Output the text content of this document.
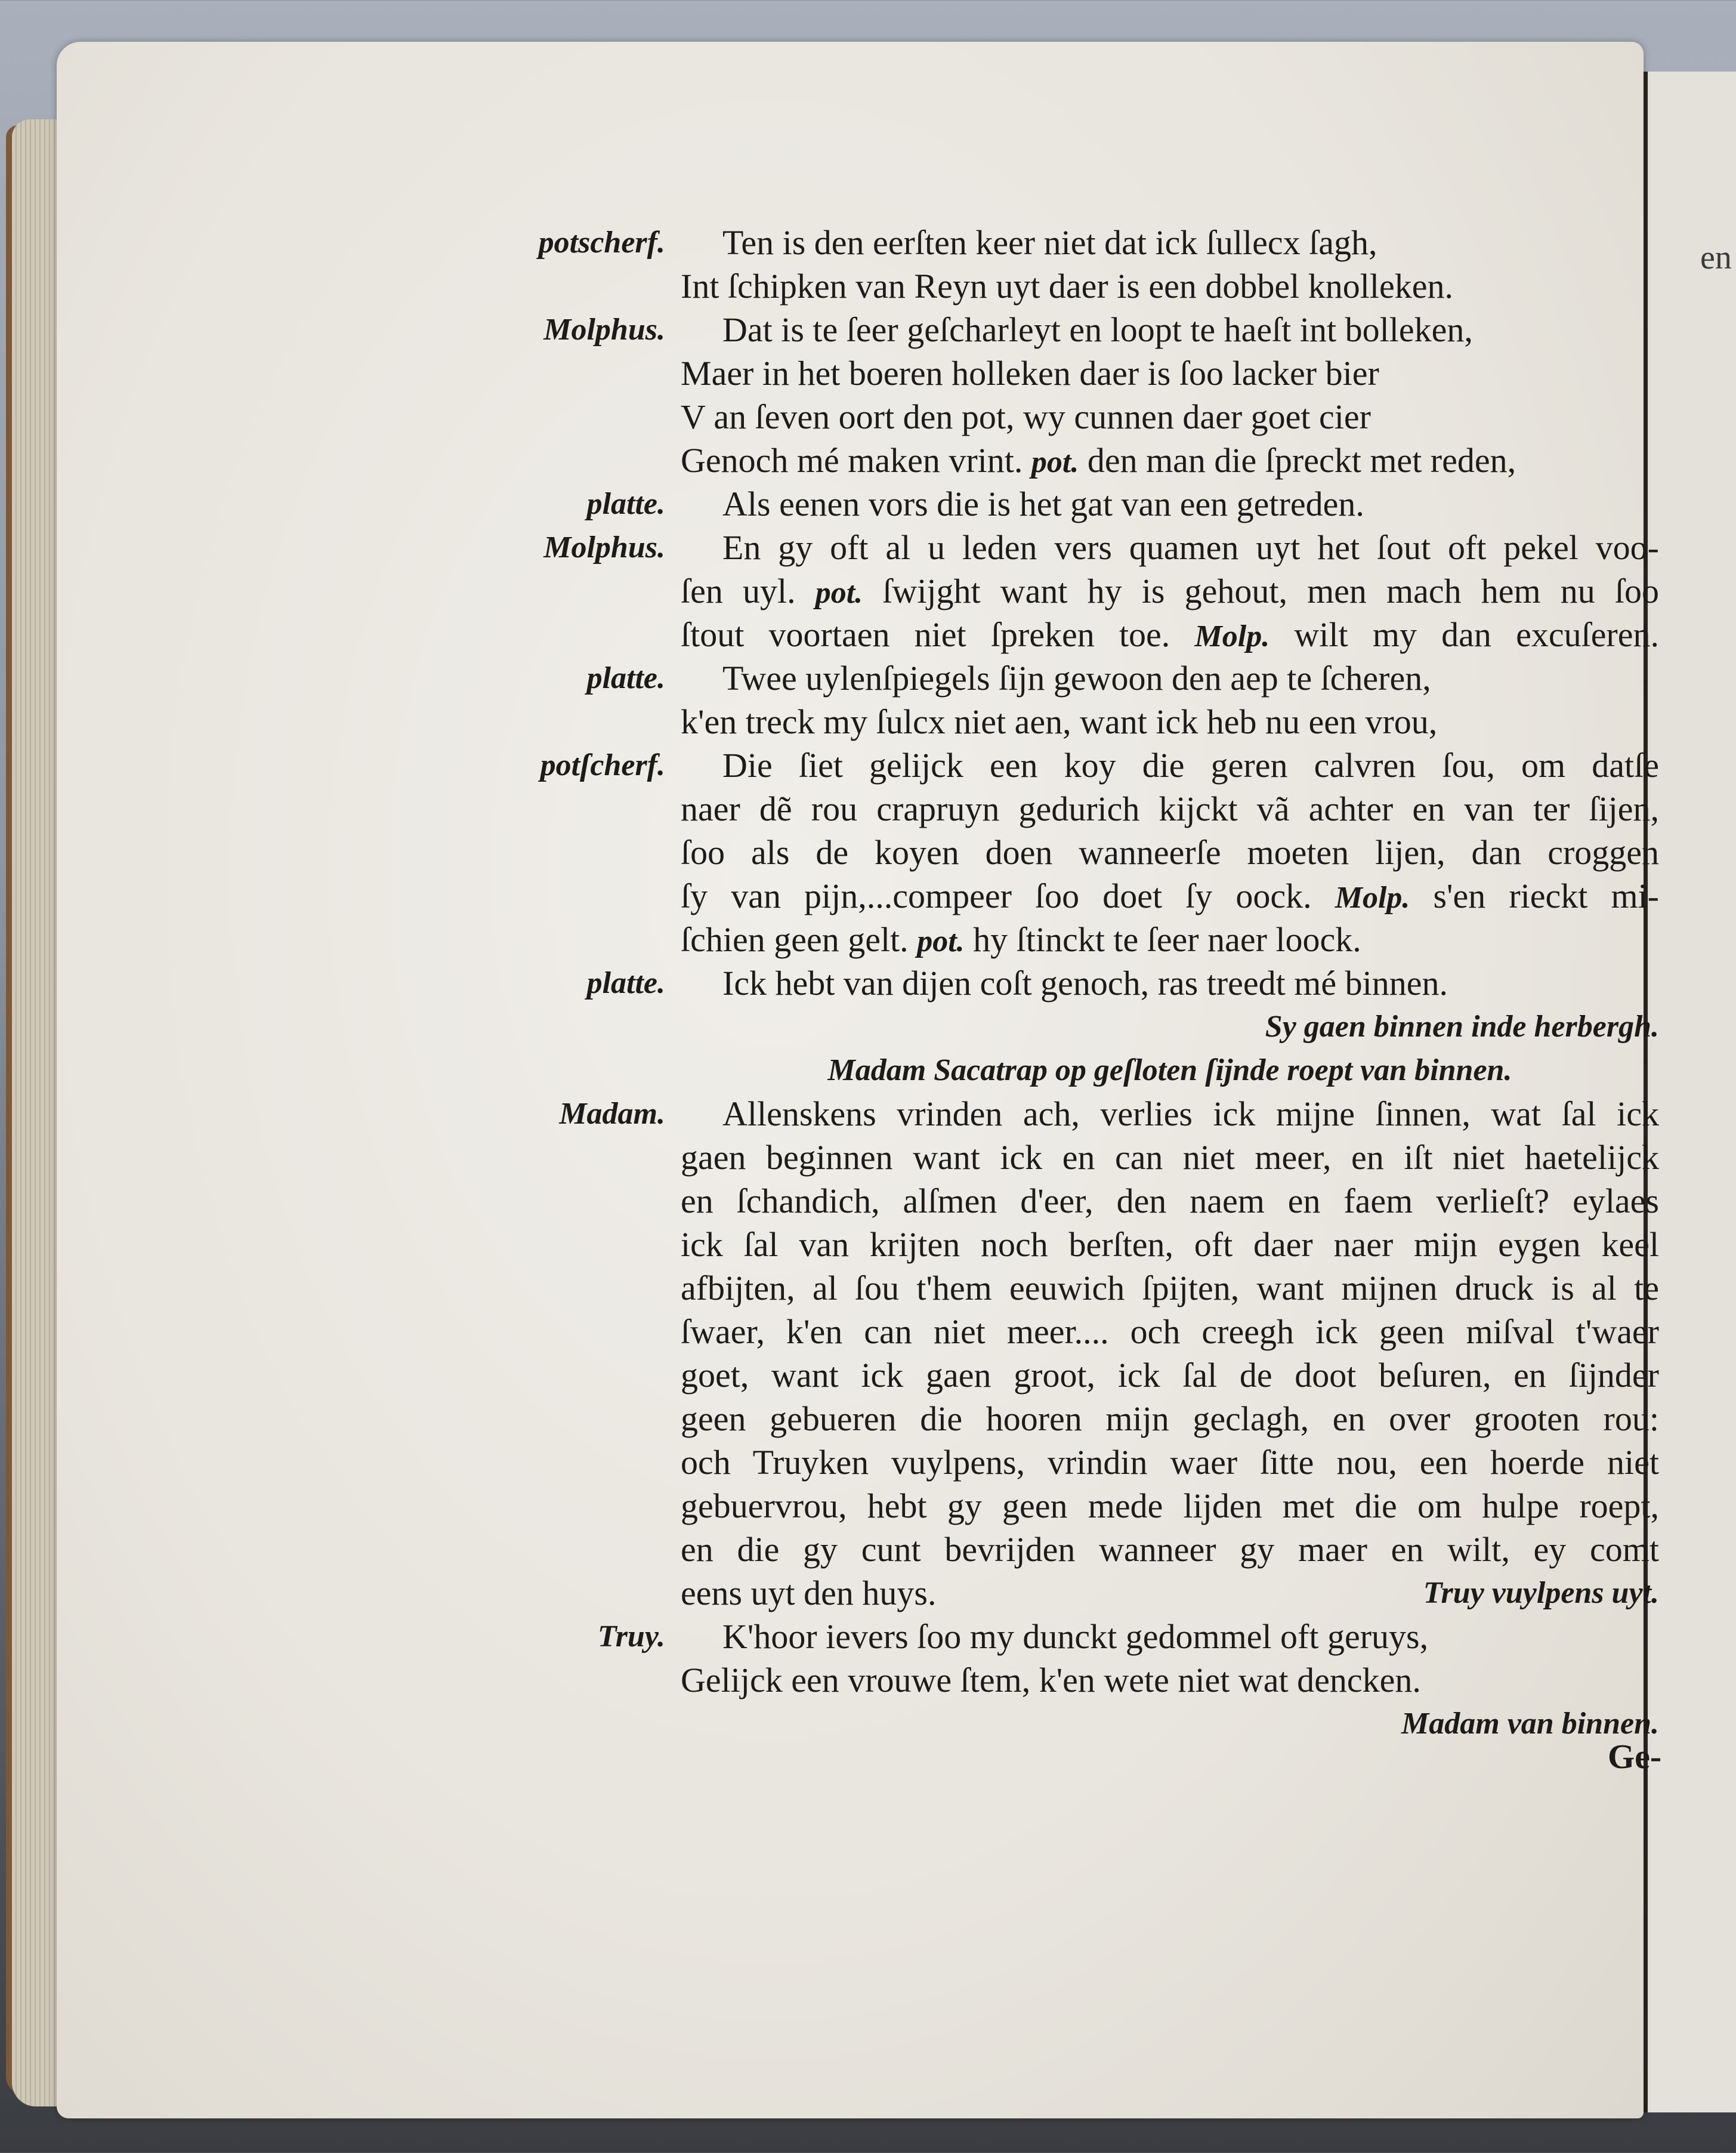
en
potscherf.	Ten is den eerſten keer niet dat ick ſullecx ſagh,
Int ſchipken van Reyn uyt daer is een dobbel knolleken.
Molphus.	Dat is te ſeer geſcharleyt en loopt te haeſt int bolleken,
Maer in het boeren holleken daer is ſoo lacker bier
V an ſeven oort den pot, wy cunnen daer goet cier
Genoch mé maken vrint. pot. den man die ſpreckt met reden,
platte.	Als eenen vors die is het gat van een getreden.
Molphus.	En gy oft al u leden vers quamen uyt het ſout oft pekel voo-
ſen uyl. pot. ſwijght want hy is gehout, men mach hem nu ſoo
ſtout voortaen niet ſpreken toe. Molp. wilt my dan excuſeren.
platte.	Twee uylenſpiegels ſijn gewoon den aep te ſcheren,
k'en treck my ſulcx niet aen, want ick heb nu een vrou,
potſcherf.	Die ſiet gelijck een koy die geren calvren ſou, om datſe
naer dẽ rou crapruyn gedurich kijckt vã achter en van ter ſijen,
ſoo als de koyen doen wanneerſe moeten lijen, dan croggen
ſy van pijn,...compeer ſoo doet ſy oock. Molp. s'en rieckt mi-
ſchien geen gelt. pot. hy ſtinckt te ſeer naer loock.
platte.	Ick hebt van dijen coſt genoch, ras treedt mé binnen.
Sy gaen binnen inde herbergh.
Madam Sacatrap op geſloten ſijnde roept van binnen.
Madam.	Allenskens vrinden ach, verlies ick mijne ſinnen, wat ſal ick
gaen beginnen want ick en can niet meer, en iſt niet haetelijck
en ſchandich, alſmen d'eer, den naem en faem verlieſt? eylaes
ick ſal van krijten noch berſten, oft daer naer mijn eygen keel
afbijten, al ſou t'hem eeuwich ſpijten, want mijnen druck is al te
ſwaer, k'en can niet meer.... och creegh ick geen miſval t'waer
goet, want ick gaen groot, ick ſal de doot beſuren, en ſijnder
geen gebueren die hooren mijn geclagh, en over grooten rou:
och Truyken vuylpens, vrindin waer ſitte nou, een hoerde niet
gebuervrou, hebt gy geen mede lijden met die om hulpe roept,
en die gy cunt bevrijden wanneer gy maer en wilt, ey comt
eens uyt den huys.	Truy vuylpens uyt.
Truy.	K'hoor ievers ſoo my dunckt gedommel oft geruys,
Gelijck een vrouwe ſtem, k'en wete niet wat dencken.
Madam van binnen.
Ge-
